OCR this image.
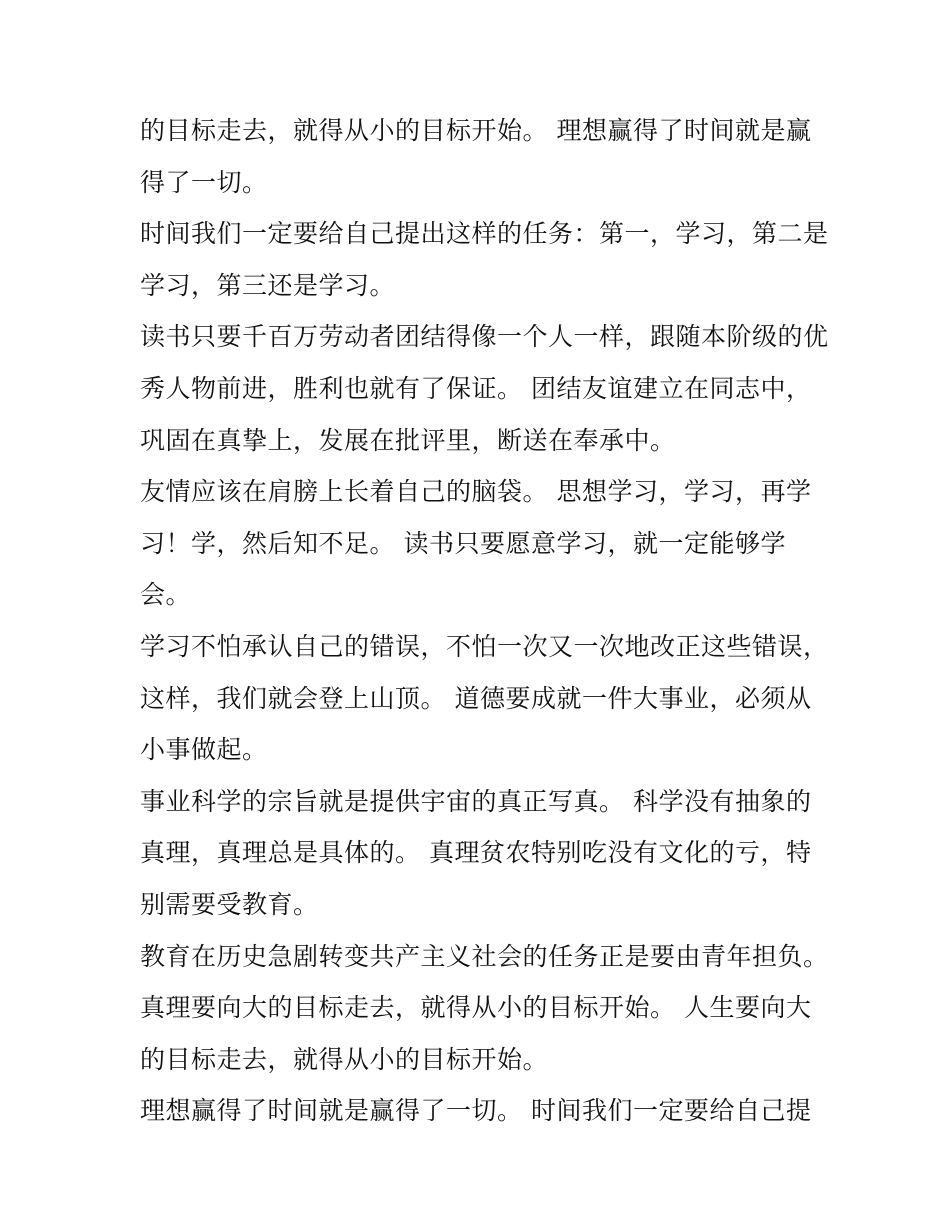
的目标走去，就得从小的目标开始。 理想赢得了时间就是赢
得了一切。
时间我们一定要给自己提出这样的任务：第一，学习，第二是
学习，第三还是学习。
读书只要千百万劳动者团结得像一个人一样，跟随本阶级的优
秀人物前进，胜利也就有了保证。 团结友谊建立在同志中，
巩固在真挚上，发展在批评里，断送在奉承中。
友情应该在肩膀上长着自己的脑袋。 思想学习，学习，再学
习！学，然后知不足。 读书只要愿意学习，就一定能够学
会。
学习不怕承认自己的错误，不怕一次又一次地改正这些错误，
这样，我们就会登上山顶。 道德要成就一件大事业，必须从
小事做起。
事业科学的宗旨就是提供宇宙的真正写真。 科学没有抽象的
真理，真理总是具体的。 真理贫农特别吃没有文化的亏，特
别需要受教育。
教育在历史急剧转变共产主义社会的任务正是要由青年担负。
真理要向大的目标走去，就得从小的目标开始。 人生要向大
的目标走去，就得从小的目标开始。
理想赢得了时间就是赢得了一切。 时间我们一定要给自己提
